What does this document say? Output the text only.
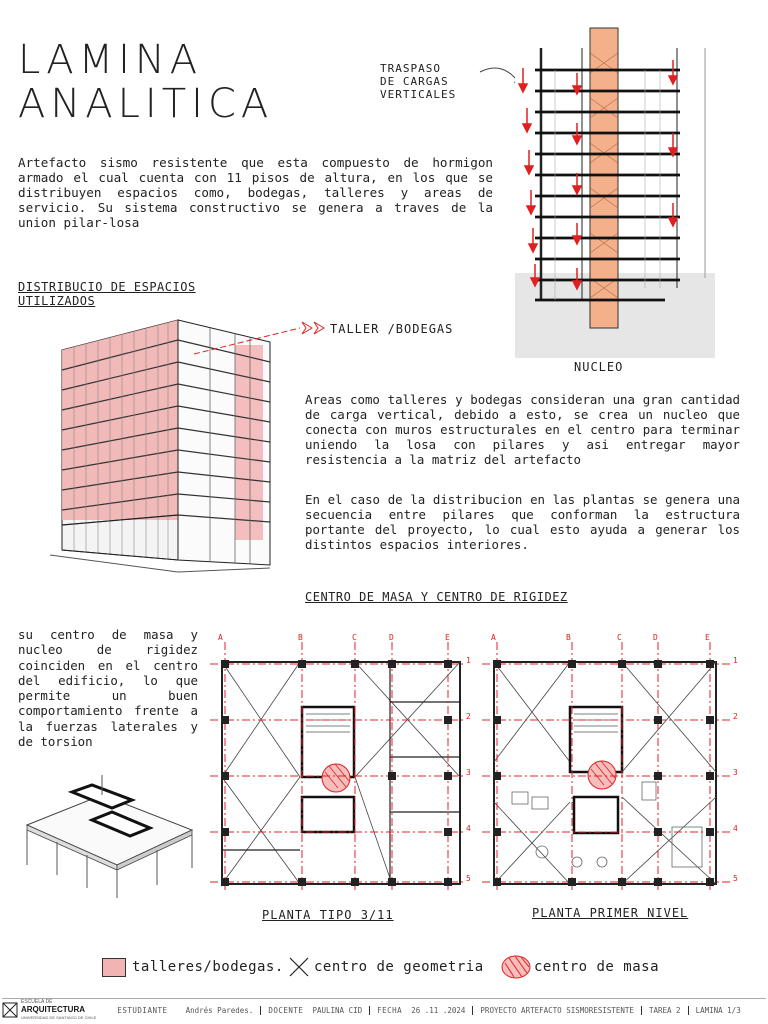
LAMINA
ANALITICA
Artefacto sismo resistente que esta compuesto de hormigon armado el cual cuenta con 11 pisos de altura, en los que se distribuyen espacios como, bodegas, talleres y areas de servicio. Su sistema constructivo se genera a traves de la union pilar-losa
TRASPASO
DE CARGAS
VERTICALES
NUCLEO
DISTRIBUCIO DE ESPACIOS
UTILIZADOS
TALLER /BODEGAS
Areas como talleres y bodegas consideran una gran cantidad de carga vertical, debido a esto, se crea un nucleo que conecta con muros estructurales en el centro para terminar uniendo la losa con pilares y asi entregar mayor resistencia a la matriz del artefacto
En el caso de la distribucion en las plantas se genera una secuencia entre pilares que conforman la estructura portante del proyecto, lo cual esto ayuda a generar los distintos espacios interiores.
CENTRO DE MASA Y CENTRO DE RIGIDEZ
su centro de masa y nucleo de rigidez coinciden en el centro del edificio, lo que permite un buen comportamiento frente a la fuerzas laterales y de torsion
A	B	C	D	E
1
2
3
4
5
PLANTA TIPO 3/11
A	B	C	D	E
1
2
3
4
5
PLANTA PRIMER NIVEL
talleres/bodegas. centro de geometria	centro de masa
ESCUELA DE
ARQUITECTURA
UNIVERSIDAD DE SANTIAGO DE CHILE
ESTUDIANTE Andrés Paredes.	DOCENTE PAULINA CID	FECHA 26 .11 .2024	PROYECTO ARTEFACTO SISMORESISTENTE	TAREA 2	LAMINA 1/3
